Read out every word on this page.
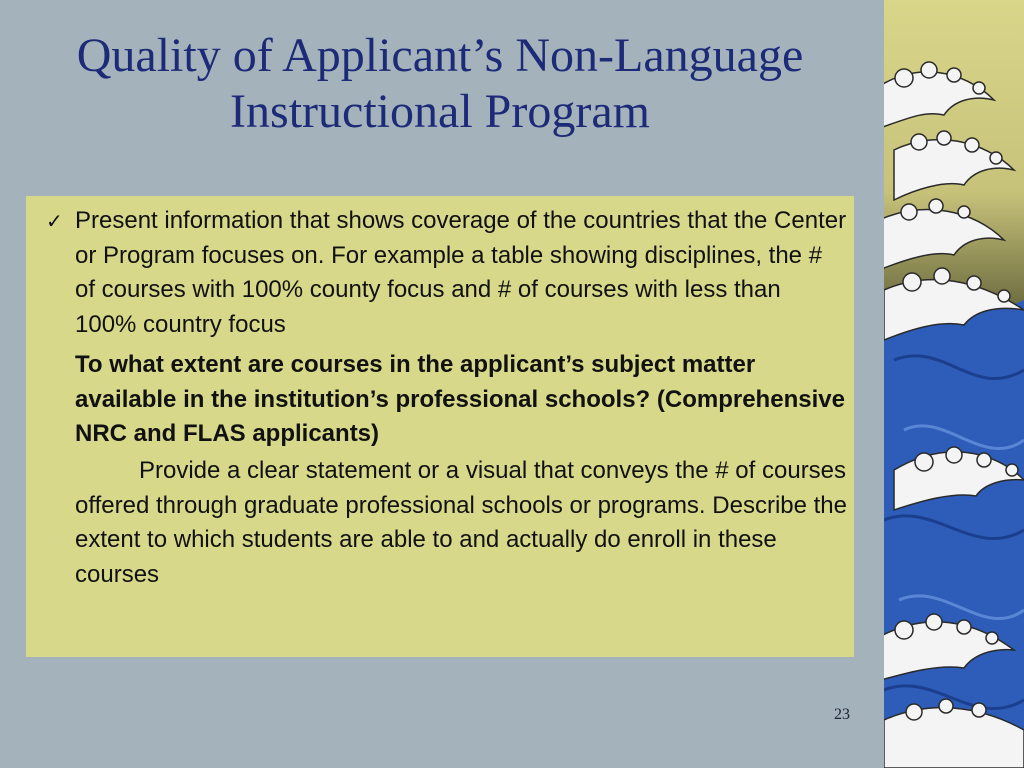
Quality of Applicant’s Non-Language
Instructional Program
✓ Present information that shows coverage of the countries that the Center or Program focuses on. For example a table showing disciplines, the # of courses with 100% county focus and # of courses with less than 100% country focus
To what extent are courses in the applicant’s subject matter available in the institution’s professional schools? (Comprehensive NRC and FLAS applicants)
Provide a clear statement or a visual that conveys the # of courses offered through graduate professional schools or programs. Describe the extent to which students are able to and actually do enroll in these courses
23
